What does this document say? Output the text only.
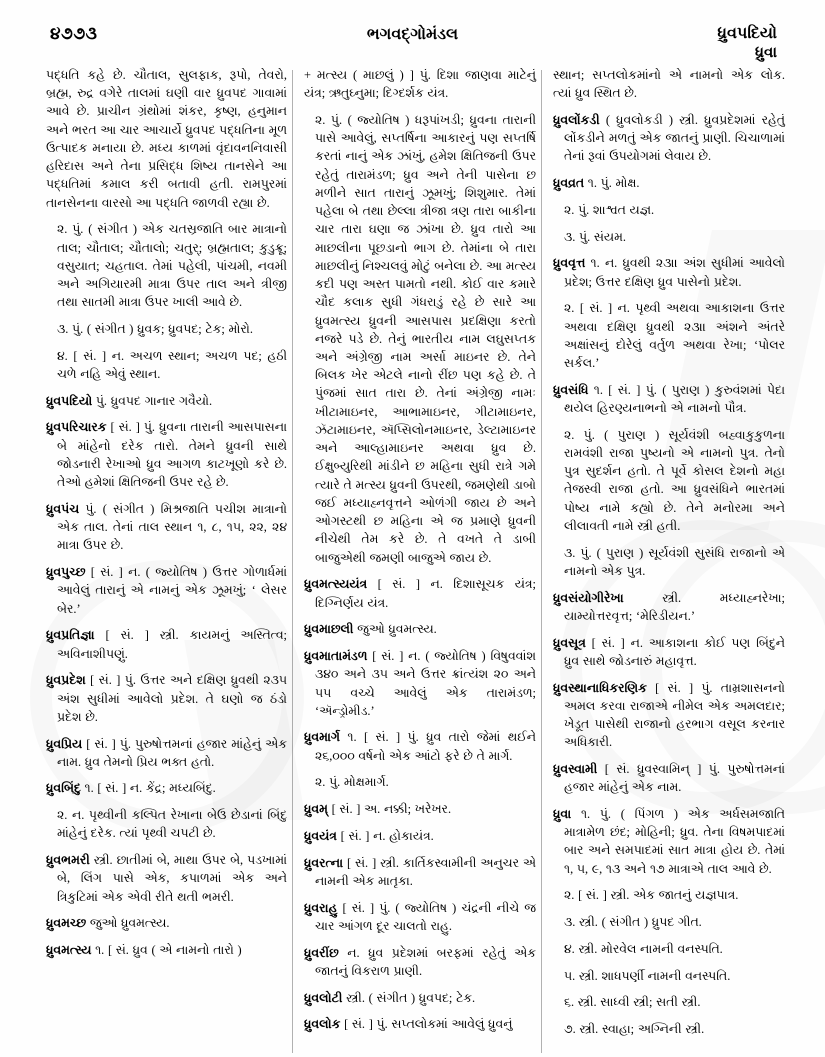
૪૭૭૩	ભગવદ્ગોમંડલ	ધ્રુવપદિયો
ધ્રુવા

પદ્ધતિ કહે છે. ચૌતાલ, સુલફાક, રૂપો, તેવરો, બ્રહ્મ, રુદ્ર વગેરે તાલમાં ઘણી વાર ધ્રુવપદ ગાવામાં આવે છે. પ્રાચીન ગ્રંથોમાં શંકર, કૃષ્ણ, હનુમાન અને ભરત આ ચાર આચાર્યે ધ્રુવપદ પદ્ધતિના મૂળ ઉત્પાદક મનાયા છે. મધ્ય કાળમાં વૃંદાવનનિવાસી હરિદાસ અને તેના પ્રસિદ્ધ શિષ્ય તાનસેને આ પદ્ધતિમાં કમાલ કરી બતાવી હતી. રામપુરમાં તાનસેનના વારસો આ પદ્ધતિ જાળવી રહ્યા છે.

૨. પું. ( સંગીત ) એક ચતસ્રજાતિ બાર માત્રાનો તાલ; ચૌતાલ; ચૌતાલો; ચતુર્; બ્રહ્મતાલ; કુડુક્રૂ; વસુયાત; ચહતાલ. તેમાં પહેલી, પાંચમી, નવમી અને અગિયારમી માત્રા ઉપર તાલ અને ત્રીજી તથા સાતમી માત્રા ઉપર ખાલી આવે છે.

૩. પું. ( સંગીત ) ધ્રુવક; ધ્રુવપદ; ટેક; મોરો.

૪. [ સં. ] ન. અચળ સ્થાન; અચળ પદ; હઠી ચળે નહિ એવું સ્થાન.

ધ્રુવપદિયો પું. ધ્રુવપદ ગાનાર ગવૈયો.

ધ્રુવપરિચારક [ સં. ] પું. ધ્રુવના તારાની આસપાસના બે માંહેનો દરેક તારો. તેમને ધ્રુવની સાથે જોડનારી રેખાઓ ધ્રુવ આગળ કાટખૂણો કરે છે. તેઓ હમેશાં ક્ષિતિજની ઉપર રહે છે.

ધ્રુવપંચ પું. ( સંગીત ) મિશ્રજાતિ પચીશ માત્રાનો એક તાલ. તેનાં તાલ સ્થાન ૧, ૮, ૧૫, ૨૨, ૨૪ માત્રા ઉપર છે.

ધ્રુવપુચ્છ [ સં. ] ન. ( જ્યોતિષ ) ઉત્તર ગોળાર્ધમાં આવેલું તારાનું એ નામનું એક ઝૂમખું; ‘ લેસર બેર.’

ધ્રુવપ્રતિજ્ઞા [ સં. ] સ્ત્રી. કાયમનું અસ્તિત્વ; અવિનાશીપણું.

ધ્રુવપ્રદેશ [ સં. ] પું. ઉત્તર અને દક્ષિણ ધ્રુવથી ૨૩૫ અંશ સુધીમાં આવેલો પ્રદેશ. તે ઘણો જ ઠંડો પ્રદેશ છે.

ધ્રુવપ્રિય [ સં. ] પું. પુરુષોત્તમનાં હજાર માંહેનું એક નામ. ધ્રુવ તેમનો પ્રિય ભક્ત હતો.

ધ્રુવબિંદુ ૧. [ સં. ] ન. કેંદ્ર; મધ્યબિંદુ.

૨. ન. પૃથ્વીની કલ્પિત રેખાના બેઉ છેડાનાં બિંદુ માંહેનું દરેક. ત્યાં પૃથ્વી ચપટી છે.

ધ્રુવભમરી સ્ત્રી. છાતીમાં બે, માથા ઉપર બે, પડખામાં બે, લિંગ પાસે એક, કપાળમાં એક અને ત્રિકુટિમાં એક એવી રીતે થતી ભમરી.

ધ્રુવમચ્છ જુઓ ધ્રુવમત્સ્ય.

ધ્રુવમત્સ્ય ૧. [ સં. ધ્રુવ ( એ નામનો તારો )

+ મત્સ્ય ( માછલું ) ] પું. દિશા જાણવા માટેનું યંત્ર; ઋતુઘ્નુમા; દિગ્દર્શક યંત્ર.

૨. પું. ( જ્યોતિષ ) ધરૂપાંખડી; ધ્રુવના તારાની પાસે આવેલું, સપ્તર્ષિના આકારનું પણ સપ્તર્ષિ કરતાં નાનું એક ઝાંખું, હમેશ ક્ષિતિજની ઉપર રહેતું તારામંડળ; ધ્રુવ અને તેની પાસેના છ મળીને સાત તારાનું ઝૂમખું; શિશુમાર. તેમાં પહેલા બે તથા છેલ્લા ત્રીજા ત્રણ તારા બાકીના ચાર તારા ઘણા જ ઝાંખા છે. ધ્રુવ તારો આ માછલીના પૂછડાનો ભાગ છે. તેમાંના બે તારા માછલીનું નિશ્ચલવું મોટું બનેલા છે. આ મત્સ્ય કદી પણ અસ્ત પામતો નથી. કોઈ વાર કમારે ચૌદ કલાક સુધી ગંધરાડું રહે છે સારે આ ધ્રુવમત્સ્ય ધ્રુવની આસપાસ પ્રદક્ષિણા કરતો નજરે પડે છે. તેનું ભારતીય નામ લઘુસપ્તક અને અંગ્રેજી નામ અર્સા માઇનર છે. તેને બિલક ખેર એટલે નાનો રીંછ પણ કહે છે. તે પુંજમાં સાત તારા છે. તેનાં અંગ્રેજી નામઃ ખીટામાઇનર, આભામાઇનર, ગીટામાઇનર, ઝૅટામાઇનર, ઍપ્સિલોનમાઇનર, ડેલ્ટામાઇનર અને આલ્હામાઇનર અથવા ધ્રુવ છે. ઈક્ષુબ્યુરિથી માંડીને છ મહિના સુધી રાત્રે ગમે ત્યારે તે મત્સ્ય ધ્રુવની ઉપરથી, જમણેથી ડાબો જઈ મધ્યાહ્નવૃત્તને ઓળંગી જાય છે અને ઓગસ્ટથી છ મહિના એ જ પ્રમાણે ધ્રુવની નીચેથી તેમ કરે છે. તે વખતે તે ડાબી બાજુએથી જમણી બાજુએ જાય છે.

ધ્રુવમત્સ્યયંત્ર [ સં. ] ન. દિશાસૂચક યંત્ર; દિગ્નિર્ણય યંત્ર.

ધ્રુવમાછલી જુઓ ધ્રુવમત્સ્ય.

ધ્રુવમાતામંડળ [ સં. ] ન. ( જ્યોતિષ ) વિષુવવાંશ ૩૪૦ અને ૩૫ અને ઉત્તર ક્રાંત્યંશ ૨૦ અને ૫૫ વચ્ચે આવેલું એક તારામંડળ; ‘ઍન્ડ્રોમીડ.’

ધ્રુવમાર્ગ ૧. [ સં. ] પું. ધ્રુવ તારો જેમાં થઈને ૨૬,૦૦૦ વર્ષનો એક આંટો ફરે છે તે માર્ગ.

૨. પું. મોક્ષમાર્ગ.

ધ્રુવમ્ [ સં. ] અ. નક્કી; ખરેખર.

ધ્રુવયંત્ર [ સં. ] ન. હોકાયંત્ર.

ધ્રુવરત્ના [ સં. ] સ્ત્રી. કાર્તિકસ્વામીની અનુચર એ નામની એક માતૃકા.

ધ્રુવરાહુ [ સં. ] પું. ( જ્યોતિષ ) ચંદ્રની નીચે જ ચાર આંગળ દૂર ચાલતો રાહુ.

ધ્રુવરીંછ ન. ધ્રુવ પ્રદેશમાં બરફમાં રહેતું એક જાતનું વિકરાળ પ્રાણી.

ધ્રુવલોટી સ્ત્રી. ( સંગીત ) ધ્રુવપદ; ટેક.

ધ્રુવલોક [ સં. ] પું. સપ્તલોકમાં આવેલું ધ્રુવનું

સ્થાન; સપ્તલોકમાંનો એ નામનો એક લોક. ત્યાં ધ્રુવ સ્થિત છે.

ધ્રુવલોંકડી ( ધ્રુવલોકડી ) સ્ત્રી. ધ્રુવપ્રદેશમાં રહેતું લોંકડીને મળતું એક જાતનું પ્રાણી. ચિચાળામાં તેનાં રૂવાં ઉપયોગમાં લેવાય છે.

ધ્રુવવ્રત ૧. પું. મોક્ષ.

૨. પું. શાશ્વત યજ્ઞ.

૩. પું. સંયમ.

ધ્રુવવૃત્ત ૧. ન. ધ્રુવથી ૨૩॥ અંશ સુધીમાં આવેલો પ્રદેશ; ઉત્તર દક્ષિણ ધ્રુવ પાસેનો પ્રદેશ.

૨. [ સં. ] ન. પૃથ્વી અથવા આકાશના ઉત્તર અથવા દક્ષિણ ધ્રુવથી ૨૩॥ અંશને અંતરે અક્ષાંસનું દોરેલું વર્તુળ અથવા રેખા; ‘પોલર સર્કલ.’

ધ્રુવસંધિ ૧. [ સં. ] પું. ( પુરાણ ) કુરુવંશમાં પેદા થયેલ હિરણ્યનાભનો એ નામનો પૌત્ર.

૨. પું. ( પુરાણ ) સૂર્યવંશી બહ્વાકુકુળના રામવંશી રાજા પુષ્યનો એ નામનો પુત્ર. તેનો પુત્ર સુદર્શન હતો. તે પૂર્વે કોસલ દેશનો મહા તેજસ્વી રાજા હતો. આ ધ્રુવસંધિને ભારતમાં પોષ્ય નામે કહ્યો છે. તેને મનોરમા અને લીલાવતી નામે સ્ત્રી હતી.

૩. પું. ( પુરાણ ) સૂર્યવંશી સુસંધિ રાજાનો એ નામનો એક પુત્ર.

ધ્રુવસંયોગીરેખા સ્ત્રી. મધ્યાહ્નરેખા; યામ્યોત્તરવૃત્ત; ‘મેરિડીયન.’

ધ્રુવસૂત્ર [ સં. ] ન. આકાશના કોઈ પણ બિંદુને ધ્રુવ સાથે જોડનારું મહાવૃત્ત.

ધ્રુવસ્થાનાધિકરણિક [ સં. ] પું. તામ્રશાસનનો અમલ કરવા રાજાએ નીમેલ એક અમલદાર; ખેડૂત પાસેથી રાજાનો હરભાગ વસૂલ કરનાર અધિકારી.

ધ્રુવસ્વામી [ સં. ધ્રુવસ્વામિન્ ] પું. પુરુષોત્તમનાં હજાર માંહેનું એક નામ.

ધ્રુવા ૧. પું. ( પિંગળ ) એક અર્ધસમજાતિ માત્રામેળ છંદ; મોહિની; ધ્રુવ. તેના વિષમપાદમાં બાર અને સમપાદમાં સાત માત્રા હોય છે. તેમાં ૧, ૫, ૯, ૧૩ અને ૧૭ માત્રાએ તાલ આવે છે.

૨. [ સં. ] સ્ત્રી. એક જાતનું યજ્ઞપાત્ર.

૩. સ્ત્રી. ( સંગીત ) ધ્રુપદ ગીત.

૪. સ્ત્રી. મોરવેલ નામની વનસ્પતિ.

૫. સ્ત્રી. શાધપર્ણી નામની વનસ્પતિ.

૬. સ્ત્રી. સાધ્વી સ્ત્રી; સતી સ્ત્રી.

૭. સ્ત્રી. સ્વાહા; અગ્નિની સ્ત્રી.
